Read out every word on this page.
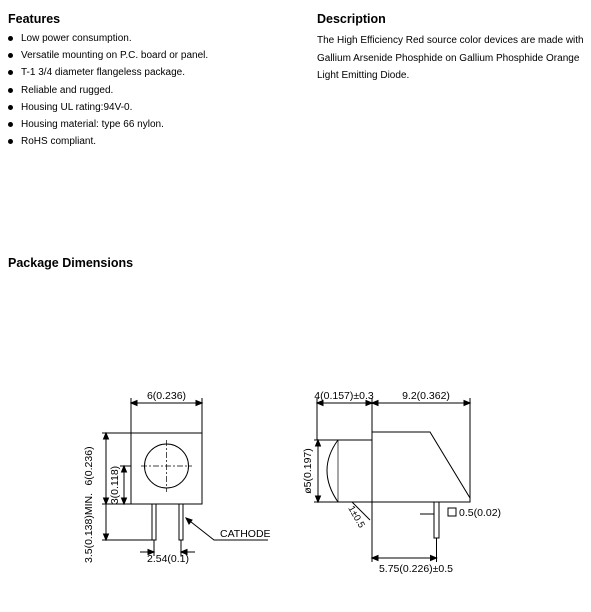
Features
Low power consumption.
Versatile mounting on P.C. board or panel.
T-1 3/4 diameter flangeless package.
Reliable and rugged.
Housing UL rating:94V-0.
Housing material: type 66 nylon.
RoHS compliant.
Description
The High Efficiency Red source color devices are made with Gallium Arsenide Phosphide on Gallium Phosphide Orange Light Emitting Diode.
Package Dimensions
6(0.236)
6(0.236) 3(0.118)
3.5(0.138)MIN.	2.54(0.1)
CATHODE
4(0.157)±0.3	9.2(0.362)
ø5(0.197)
1±0.5	0.5(0.02)
5.75(0.226)±0.5
